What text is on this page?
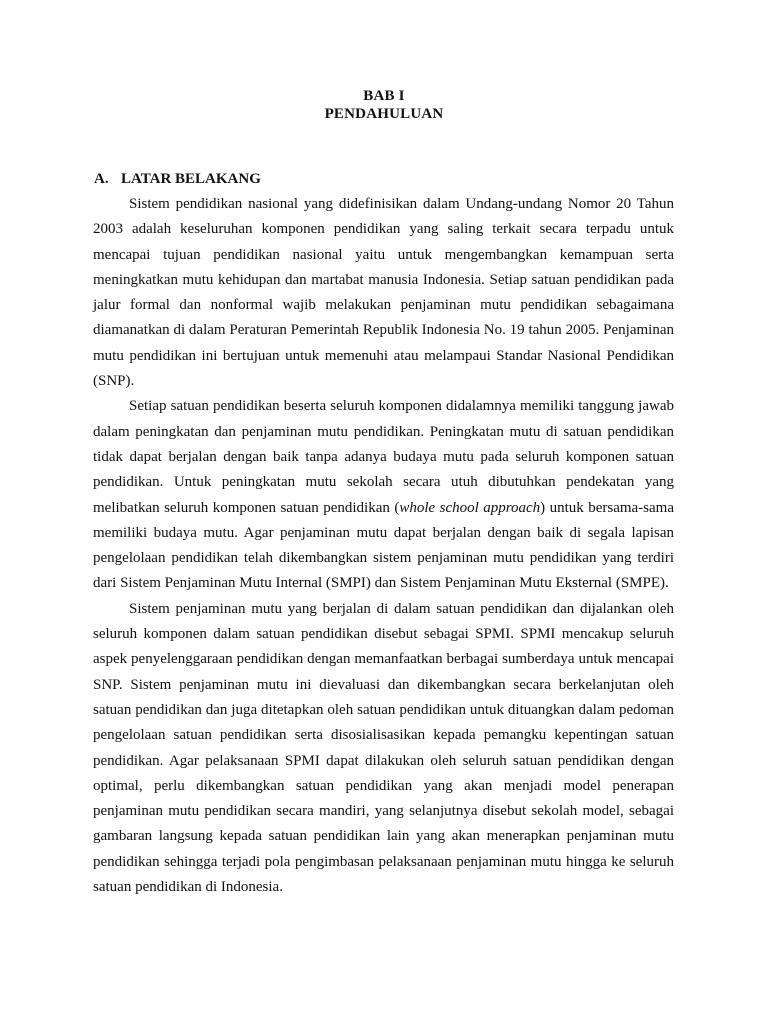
BAB I
PENDAHULUAN
A. LATAR BELAKANG

Sistem pendidikan nasional yang didefinisikan dalam Undang-undang Nomor 20 Tahun 2003 adalah keseluruhan komponen pendidikan yang saling terkait secara terpadu untuk mencapai tujuan pendidikan nasional yaitu untuk mengembangkan kemampuan serta meningkatkan mutu kehidupan dan martabat manusia Indonesia. Setiap satuan pendidikan pada jalur formal dan nonformal wajib melakukan penjaminan mutu pendidikan sebagaimana diamanatkan di dalam Peraturan Pemerintah Republik Indonesia No. 19 tahun 2005. Penjaminan mutu pendidikan ini bertujuan untuk memenuhi atau melampaui Standar Nasional Pendidikan (SNP).

Setiap satuan pendidikan beserta seluruh komponen didalamnya memiliki tanggung jawab dalam peningkatan dan penjaminan mutu pendidikan. Peningkatan mutu di satuan pendidikan tidak dapat berjalan dengan baik tanpa adanya budaya mutu pada seluruh komponen satuan pendidikan. Untuk peningkatan mutu sekolah secara utuh dibutuhkan pendekatan yang melibatkan seluruh komponen satuan pendidikan (whole school approach) untuk bersama-sama memiliki budaya mutu. Agar penjaminan mutu dapat berjalan dengan baik di segala lapisan pengelolaan pendidikan telah dikembangkan sistem penjaminan mutu pendidikan yang terdiri dari Sistem Penjaminan Mutu Internal (SMPI) dan Sistem Penjaminan Mutu Eksternal (SMPE).

Sistem penjaminan mutu yang berjalan di dalam satuan pendidikan dan dijalankan oleh seluruh komponen dalam satuan pendidikan disebut sebagai SPMI. SPMI mencakup seluruh aspek penyelenggaraan pendidikan dengan memanfaatkan berbagai sumberdaya untuk mencapai SNP. Sistem penjaminan mutu ini dievaluasi dan dikembangkan secara berkelanjutan oleh satuan pendidikan dan juga ditetapkan oleh satuan pendidikan untuk dituangkan dalam pedoman pengelolaan satuan pendidikan serta disosialisasikan kepada pemangku kepentingan satuan pendidikan. Agar pelaksanaan SPMI dapat dilakukan oleh seluruh satuan pendidikan dengan optimal, perlu dikembangkan satuan pendidikan yang akan menjadi model penerapan penjaminan mutu pendidikan secara mandiri, yang selanjutnya disebut sekolah model, sebagai gambaran langsung kepada satuan pendidikan lain yang akan menerapkan penjaminan mutu pendidikan sehingga terjadi pola pengimbasan pelaksanaan penjaminan mutu hingga ke seluruh satuan pendidikan di Indonesia.
